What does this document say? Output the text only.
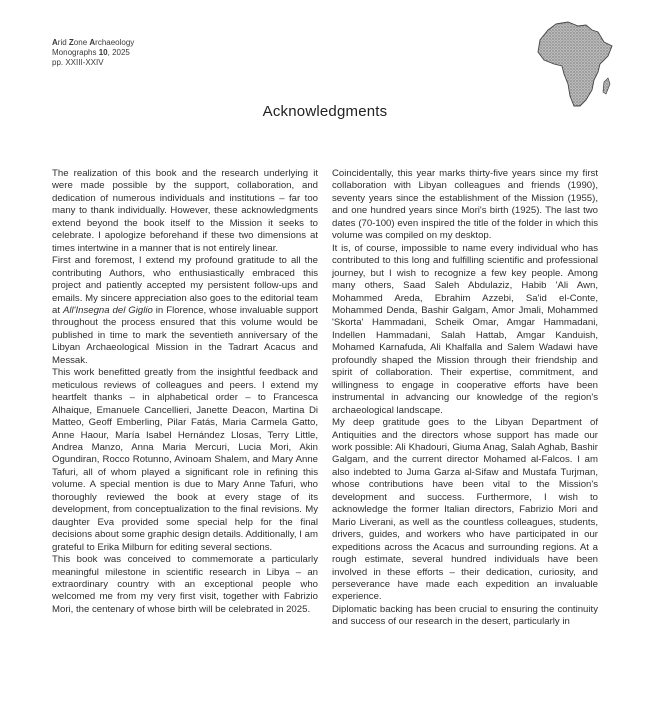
Arid Zone Archaeology
Monographs 10, 2025
pp. XXIII-XXIV
Acknowledgments

The realization of this book and the research underlying it were made possible by the support, collaboration, and dedication of numerous individuals and institutions – far too many to thank individually. However, these acknowledgments extend beyond the book itself to the Mission it seeks to celebrate. I apologize beforehand if these two dimensions at times intertwine in a manner that is not entirely linear.

First and foremost, I extend my profound gratitude to all the contributing Authors, who enthusiastically embraced this project and patiently accepted my persistent follow-ups and emails. My sincere appreciation also goes to the editorial team at All'Insegna del Giglio in Florence, whose invaluable support throughout the process ensured that this volume would be published in time to mark the seventieth anniversary of the Libyan Archaeological Mission in the Tadrart Acacus and Messak.

This work benefitted greatly from the insightful feedback and meticulous reviews of colleagues and peers. I extend my heartfelt thanks – in alphabetical order – to Francesca Alhaique, Emanuele Cancellieri, Janette Deacon, Martina Di Matteo, Geoff Emberling, Pilar Fatás, Maria Carmela Gatto, Anne Haour, María Isabel Hernández Llosas, Terry Little, Andrea Manzo, Anna Maria Mercuri, Lucia Mori, Akin Ogundiran, Rocco Rotunno, Avinoam Shalem, and Mary Anne Tafuri, all of whom played a significant role in refining this volume. A special mention is due to Mary Anne Tafuri, who thoroughly reviewed the book at every stage of its development, from conceptualization to the final revisions. My daughter Eva provided some special help for the final decisions about some graphic design details. Additionally, I am grateful to Erika Milburn for editing several sections.

This book was conceived to commemorate a particularly meaningful milestone in scientific research in Libya – an extraordinary country with an exceptional people who welcomed me from my very first visit, together with Fabrizio Mori, the centenary of whose birth will be celebrated in 2025.

Coincidentally, this year marks thirty-five years since my first collaboration with Libyan colleagues and friends (1990), seventy years since the establishment of the Mission (1955), and one hundred years since Mori's birth (1925). The last two dates (70-100) even inspired the title of the folder in which this volume was compiled on my desktop.

It is, of course, impossible to name every individual who has contributed to this long and fulfilling scientific and professional journey, but I wish to recognize a few key people. Among many others, Saad Saleh Abdulaziz, Habib 'Ali Awn, Mohammed Areda, Ebrahim Azzebi, Sa'id el-Conte, Mohammed Denda, Bashir Galgam, Amor Jmali, Mohammed 'Skorta' Hammadani, Scheik Omar, Amgar Hammadani, Indellen Hammadani, Salah Hattab, Amgar Kanduish, Mohamed Karnafuda, Ali Khalfalla and Salem Wadawi have profoundly shaped the Mission through their friendship and spirit of collaboration. Their expertise, commitment, and willingness to engage in cooperative efforts have been instrumental in advancing our knowledge of the region's archaeological landscape.

My deep gratitude goes to the Libyan Department of Antiquities and the directors whose support has made our work possible: Ali Khadouri, Giuma Anag, Salah Aghab, Bashir Galgam, and the current director Mohamed al-Falcos. I am also indebted to Juma Garza al-Sifaw and Mustafa Turjman, whose contributions have been vital to the Mission's development and success. Furthermore, I wish to acknowledge the former Italian directors, Fabrizio Mori and Mario Liverani, as well as the countless colleagues, students, drivers, guides, and workers who have participated in our expeditions across the Acacus and surrounding regions. At a rough estimate, several hundred individuals have been involved in these efforts – their dedication, curiosity, and perseverance have made each expedition an invaluable experience.

Diplomatic backing has been crucial to ensuring the continuity and success of our research in the desert, particularly in
